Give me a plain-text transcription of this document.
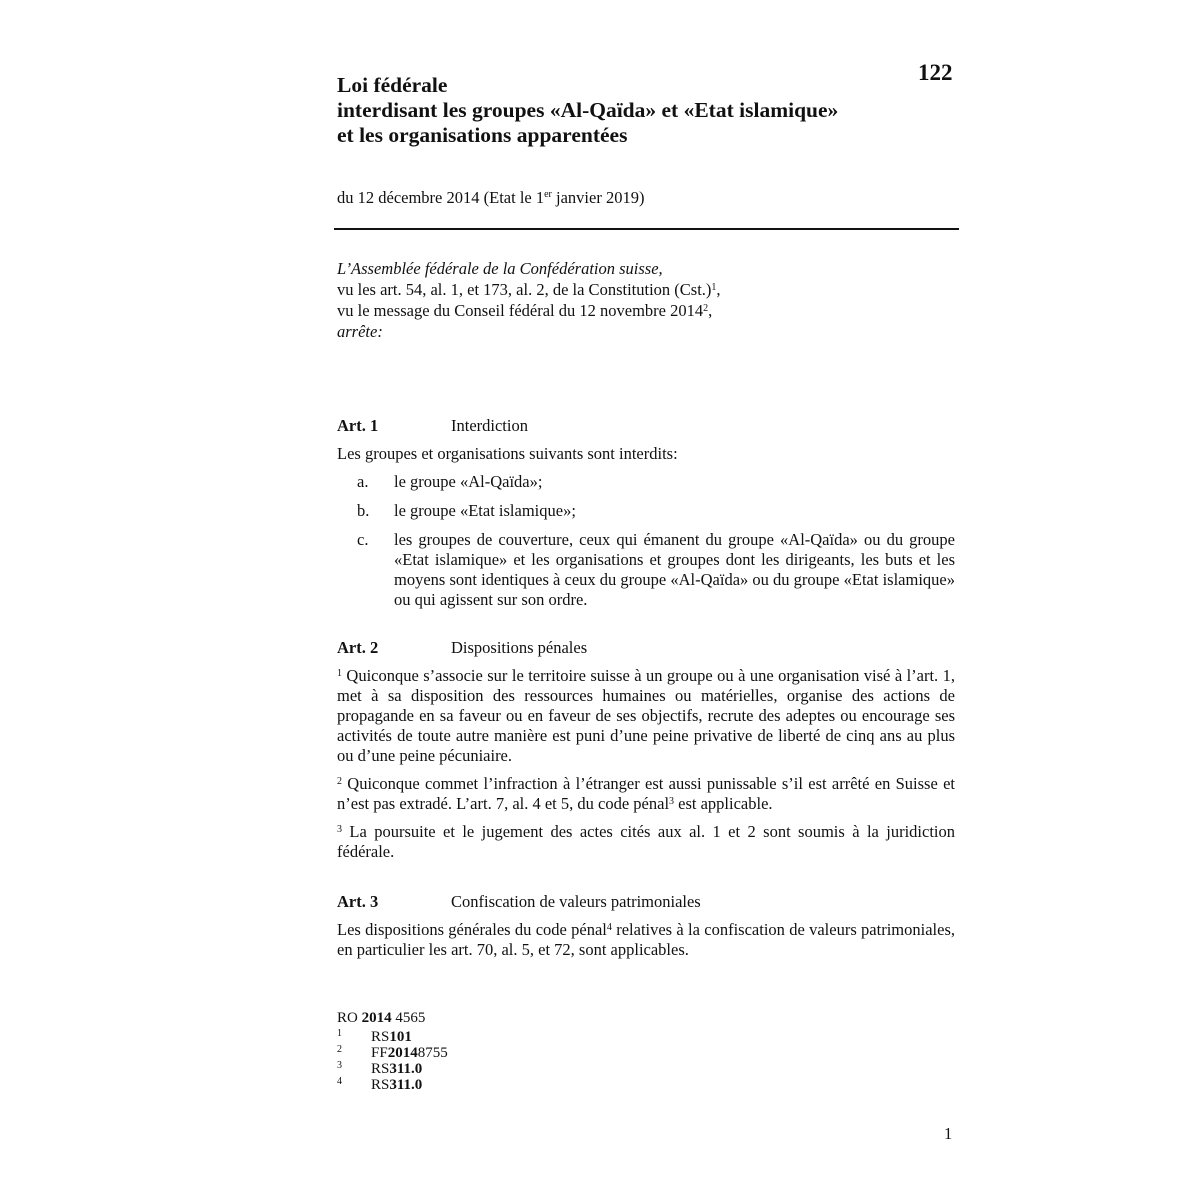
122
Loi fédérale
interdisant les groupes «Al-Qaïda» et «Etat islamique»
et les organisations apparentées
du 12 décembre 2014 (Etat le 1er janvier 2019)
L’Assemblée fédérale de la Confédération suisse,
vu les art. 54, al. 1, et 173, al. 2, de la Constitution (Cst.)$^1$,
vu le message du Conseil fédéral du 12 novembre 2014$^2$,
arrête:
Art. 1	Interdiction
Les groupes et organisations suivants sont interdits:
a.	le groupe «Al-Qaïda»;
b.	le groupe «Etat islamique»;
c.	les groupes de couverture, ceux qui émanent du groupe «Al-Qaïda» ou du groupe «Etat islamique» et les organisations et groupes dont les dirigeants, les buts et les moyens sont identiques à ceux du groupe «Al-Qaïda» ou du groupe «Etat islamique» ou qui agissent sur son ordre.
Art. 2	Dispositions pénales
$^1$ Quiconque s’associe sur le territoire suisse à un groupe ou à une organisation visé à l’art. 1, met à sa disposition des ressources humaines ou matérielles, organise des actions de propagande en sa faveur ou en faveur de ses objectifs, recrute des adeptes ou encourage ses activités de toute autre manière est puni d’une peine privative de liberté de cinq ans au plus ou d’une peine pécuniaire.
$^2$ Quiconque commet l’infraction à l’étranger est aussi punissable s’il est arrêté en Suisse et n’est pas extradé. L’art. 7, al. 4 et 5, du code pénal$^3$ est applicable.
$^3$ La poursuite et le jugement des actes cités aux al. 1 et 2 sont soumis à la juridiction fédérale.
Art. 3	Confiscation de valeurs patrimoniales
Les dispositions générales du code pénal$^4$ relatives à la confiscation de valeurs patrimoniales, en particulier les art. 70, al. 5, et 72, sont applicables.
RO 2014 4565
1	RS 101
2	FF 2014 8755
3	RS 311.0
4	RS 311.0
1
